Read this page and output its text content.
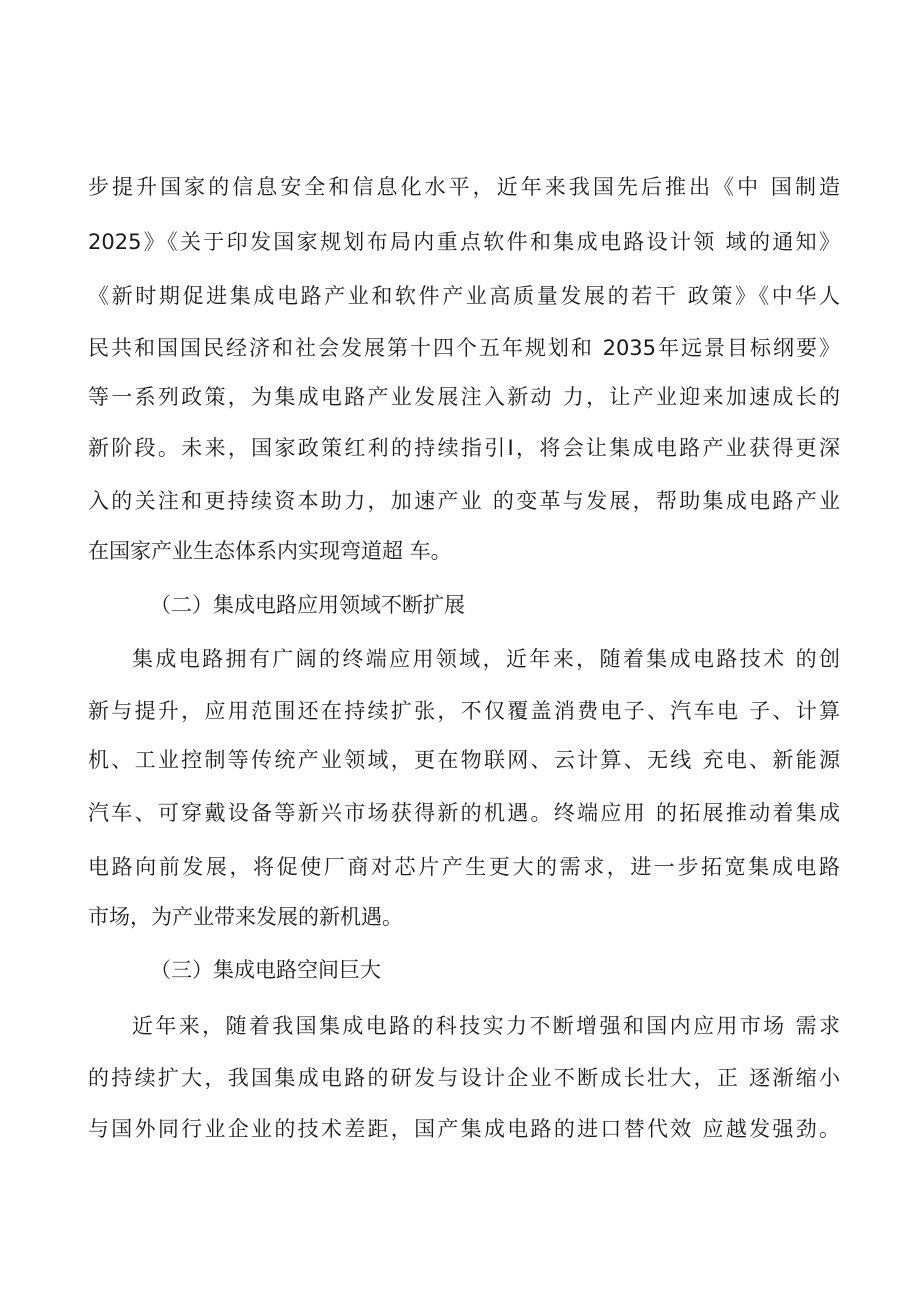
步提升国家的信息安全和信息化水平，近年来我国先后推出《中 国制造
2025》《关于印发国家规划布局内重点软件和集成电路设计领 域的通知》
《新时期促进集成电路产业和软件产业高质量发展的若干 政策》《中华人
民共和国国民经济和社会发展第十四个五年规划和 2035年远景目标纲要》
等一系列政策，为集成电路产业发展注入新动 力，让产业迎来加速成长的
新阶段。未来，国家政策红利的持续指引I，将会让集成电路产业获得更深
入的关注和更持续资本助力，加速产业 的变革与发展，帮助集成电路产业
在国家产业生态体系内实现弯道超 车。
（二）集成电路应用领域不断扩展
集成电路拥有广阔的终端应用领域，近年来，随着集成电路技术 的创
新与提升，应用范围还在持续扩张，不仅覆盖消费电子、汽车电 子、计算
机、工业控制等传统产业领域，更在物联网、云计算、无线 充电、新能源
汽车、可穿戴设备等新兴市场获得新的机遇。终端应用 的拓展推动着集成
电路向前发展，将促使厂商对芯片产生更大的需求，进一步拓宽集成电路
市场，为产业带来发展的新机遇。
（三）集成电路空间巨大
近年来，随着我国集成电路的科技实力不断增强和国内应用市场 需求
的持续扩大，我国集成电路的研发与设计企业不断成长壮大，正 逐渐缩小
与国外同行业企业的技术差距，国产集成电路的进口替代效 应越发强劲。
